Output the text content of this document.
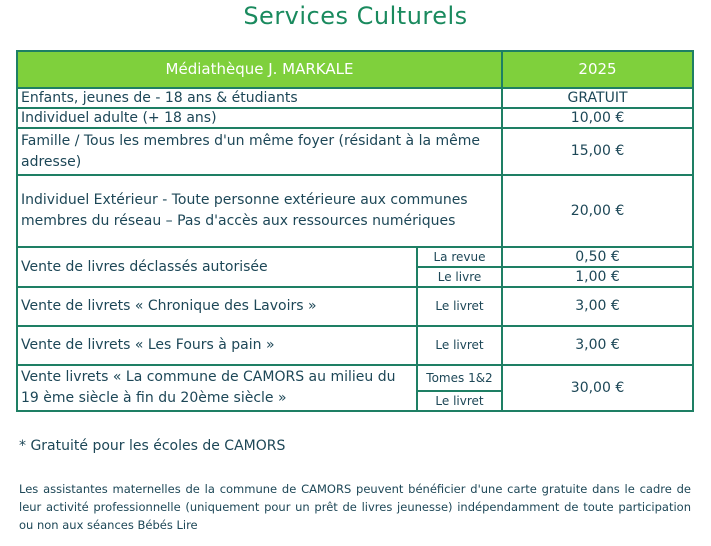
Services Culturels
Médiathèque J. MARKALE		2025
Enfants, jeunes de - 18 ans & étudiants		GRATUIT
Individuel adulte (+ 18 ans)		10,00 €
Famille / Tous les membres d'un même foyer (résidant à la même adresse)		15,00 €
Individuel Extérieur - Toute personne extérieure aux communes membres du réseau – Pas d'accès aux ressources numériques		20,00 €
Vente de livres déclassés autorisée	La revue	0,50 €
	Le livre	1,00 €
Vente de livrets « Chronique des Lavoirs »	Le livret	3,00 €
Vente de livrets « Les Fours à pain »	Le livret	3,00 €
Vente livrets « La commune de CAMORS au milieu du 19 ème siècle à fin du 20ème siècle »	Tomes 1&2	30,00 €
	Le livret	
* Gratuité pour les écoles de CAMORS
Les assistantes maternelles de la commune de CAMORS peuvent bénéficier d'une carte gratuite dans le cadre de leur activité professionnelle (uniquement pour un prêt de livres jeunesse) indépendamment de toute participation ou non aux séances Bébés Lire
